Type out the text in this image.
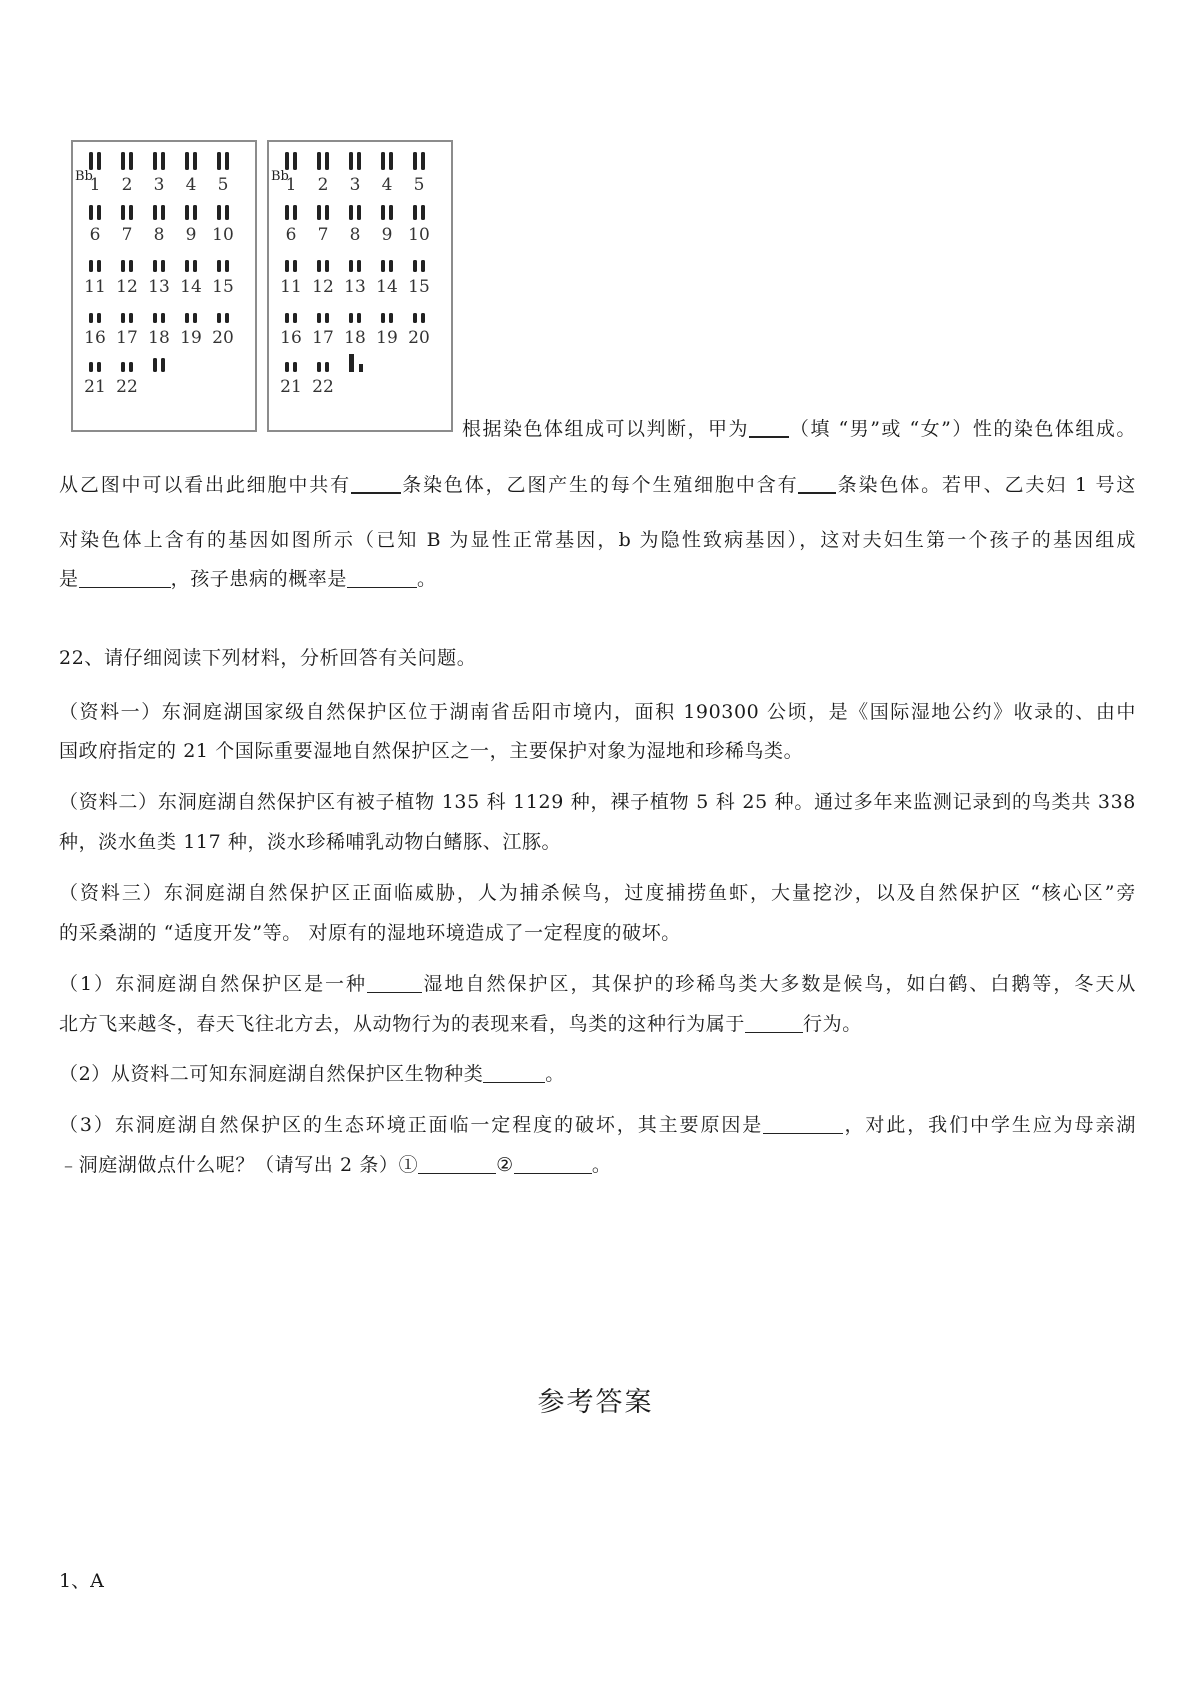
1 2 3 4 5
6 7 8 9 10
11 12 13 14 15
16 17 18 19 20
21 22
Bb	1 2 3 4 5
6 7 8 9 10
11 12 13 14 15
16 17 18 19 20
21 22
Bb
根据染色体组成可以判断，甲为 （填 “男”或 “女”）性的染色体组成。
从乙图中可以看出此细胞中共有	条染色体，乙图产生的每个生殖细胞中含有 条染色体。若甲、乙夫妇 1 号这
对染色体上含有的基因如图所示（已知 B 为显性正常基因，b 为隐性致病基因），这对夫妇生第一个孩子的基因组成
是	，孩子患病的概率是	。
22、请仔细阅读下列材料，分析回答有关问题。
（资料一）东洞庭湖国家级自然保护区位于湖南省岳阳市境内，面积 190300 公顷，是《国际湿地公约》收录的、由中
国政府指定的 21 个国际重要湿地自然保护区之一，主要保护对象为湿地和珍稀鸟类。
（资料二）东洞庭湖自然保护区有被子植物 135 科 1129 种，裸子植物 5 科 25 种。通过多年来监测记录到的鸟类共 338
种，淡水鱼类 117 种，淡水珍稀哺乳动物白鳍豚、江豚。
（资料三）东洞庭湖自然保护区正面临威胁，人为捕杀候鸟，过度捕捞鱼虾，大量挖沙，以及自然保护区 “核心区”旁
的采桑湖的 “适度开发”等。 对原有的湿地环境造成了一定程度的破坏。
（1）东洞庭湖自然保护区是一种	湿地自然保护区，其保护的珍稀鸟类大多数是候鸟，如白鹤、白鹅等，冬天从
北方飞来越冬，春天飞往北方去，从动物行为的表现来看，鸟类的这种行为属于	行为。
（2）从资料二可知东洞庭湖自然保护区生物种类	。
（3）东洞庭湖自然保护区的生态环境正面临一定程度的破坏，其主要原因是	，对此，我们中学生应为母亲湖
﹣洞庭湖做点什么呢？（请写出 2 条）①	②	。
参考答案
1、A
